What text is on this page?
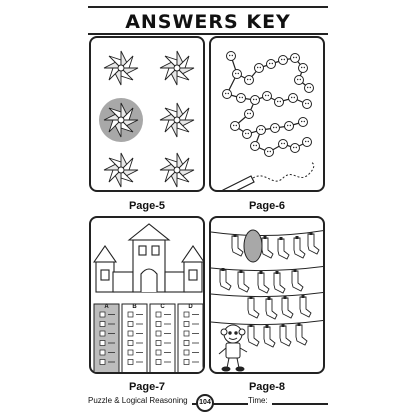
ANSWERS KEY
Page-5	Page-6
A	B	C	D
Page-7	Page-8
Puzzle & Logical Reasoning	104	Time:
